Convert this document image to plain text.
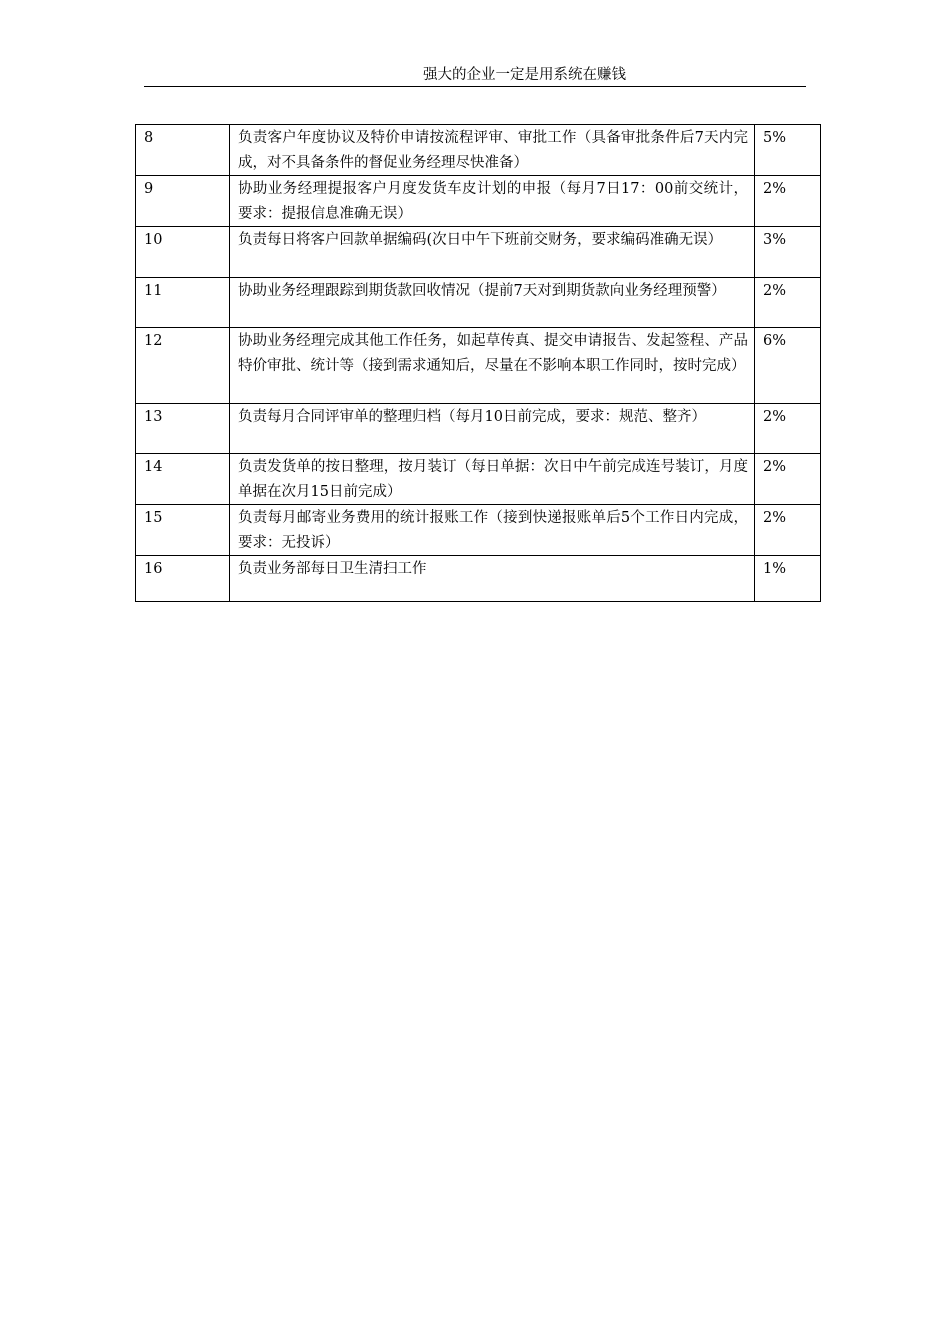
强大的企业一定是用系统在赚钱
8	负责客户年度协议及特价申请按流程评审、审批工作（具备审批条件后7天内完成，对不具备条件的督促业务经理尽快准备）	5%
9	协助业务经理提报客户月度发货车皮计划的申报（每月7日17：00前交统计，要求：提报信息准确无误）	2%
10	负责每日将客户回款单据编码(次日中午下班前交财务，要求编码准确无误）	3%
11	协助业务经理跟踪到期货款回收情况（提前7天对到期货款向业务经理预警）	2%
12	协助业务经理完成其他工作任务，如起草传真、提交申请报告、发起签程、产品特价审批、统计等（接到需求通知后，尽量在不影响本职工作同时，按时完成）	6%
13	负责每月合同评审单的整理归档（每月10日前完成，要求：规范、整齐）	2%
14	负责发货单的按日整理，按月装订（每日单据：次日中午前完成连号装订，月度单据在次月15日前完成）	2%
15	负责每月邮寄业务费用的统计报账工作（接到快递报账单后5个工作日内完成，要求：无投诉）	2%
16	负责业务部每日卫生清扫工作	1%
